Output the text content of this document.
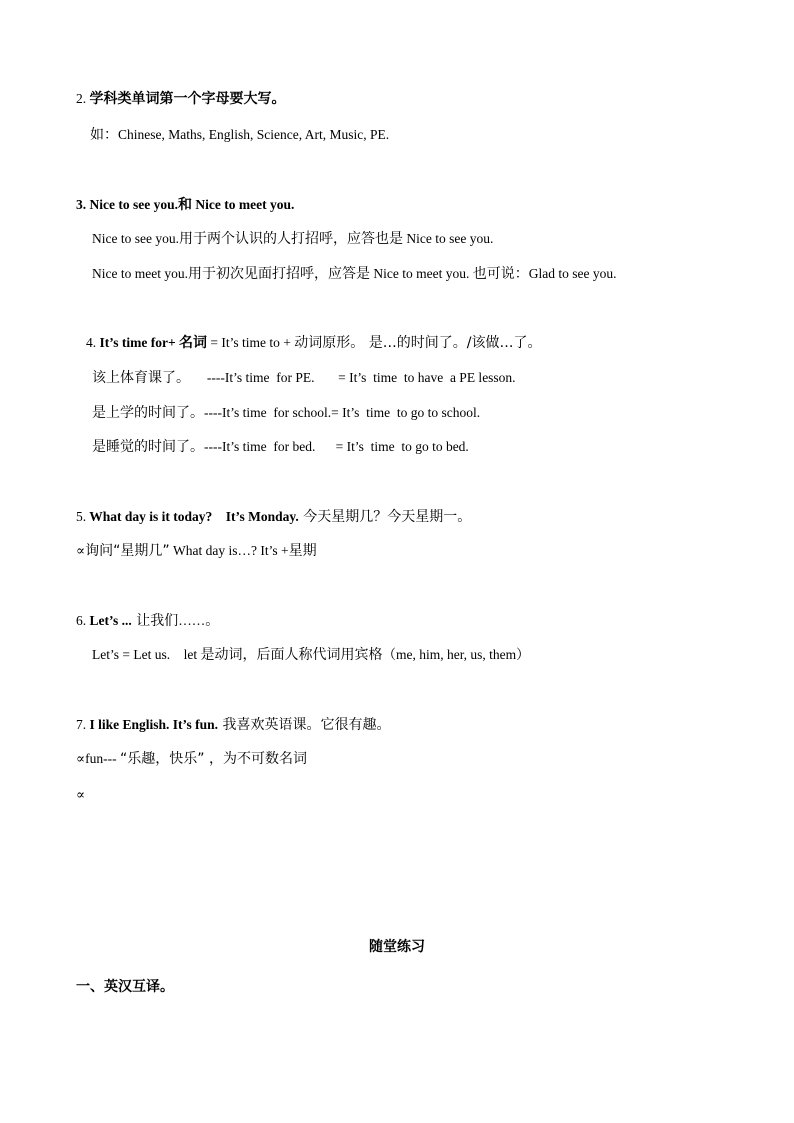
2. 学科类单词第一个字母要大写。
如：Chinese, Maths, English, Science, Art, Music, PE.
3. Nice to see you.和 Nice to meet you.
Nice to see you.用于两个认识的人打招呼，应答也是 Nice to see you.
Nice to meet you.用于初次见面打招呼，应答是 Nice to meet you. 也可说：Glad to see you.
4. It’s time for+ 名词 = It’s time to + 动词原形。 是…的时间了。/该做…了。
该上体育课了。     ----It’s time  for PE.       = It’s  time  to have  a PE lesson.
是上学的时间了。----It’s time  for school.= It’s  time  to go to school.
是睡觉的时间了。----It’s time  for bed.      = It’s  time  to go to bed.
5. What day is it today?    It’s Monday. 今天星期几？今天星期一。
∝询问“星期几” What day is…? It’s +星期
6. Let’s ... 让我们……。
Let’s = Let us.    let 是动词，后面人称代词用宾格（me, him, her, us, them）
7. I like English. It’s fun. 我喜欢英语课。它很有趣。
∝fun--- “乐趣，快乐” ，为不可数名词
∝
随堂练习
一、英汉互译。
